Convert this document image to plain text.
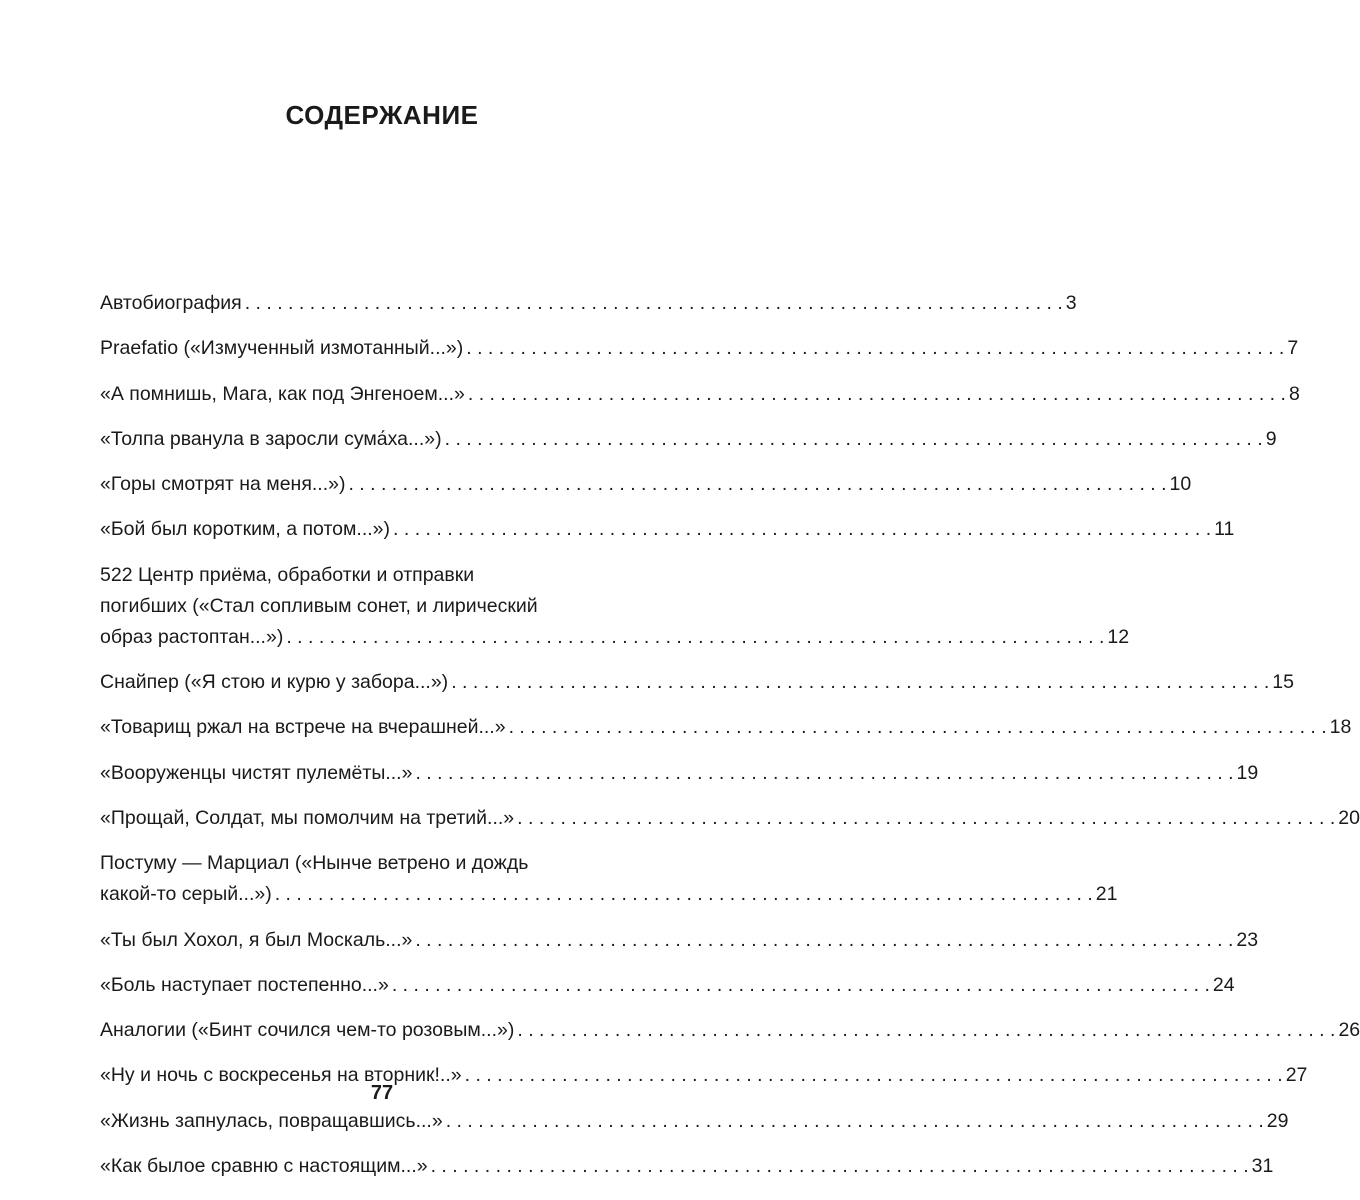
СОДЕРЖАНИЕ
Автобиография . . .	3
Praefatio («Измученный измотанный...») . . .	7
«А помнишь, Мага, как под Энгеноем...» . . .	8
«Толпа рванула в заросли сума́ха...») . . .	9
«Горы смотрят на меня...») . . .	10
«Бой был коротким, а потом...») . . .	11
522 Центр приёма, обработки и отправки
погибших («Стал сопливым сонет, и лирический
образ растоптан...») . . .	12
Снайпер («Я стою и курю у забора...») . . .	15
«Товарищ ржал на встрече на вчерашней...» . . .	18
«Вооруженцы чистят пулемёты...» . . .	19
«Прощай, Солдат, мы помолчим на третий...» . . .	20
Постуму — Марциал («Нынче ветрено и дождь
какой-то серый...») . . .	21
«Ты был Хохол, я был Москаль...» . . .	23
«Боль наступает постепенно...» . . .	24
Аналогии («Бинт сочился чем-то розовым...») . . .	26
«Ну и ночь с воскресенья на вторник!..» . . .	27
«Жизнь запнулась, повращавшись...» . . .	29
«Как былое сравню с настоящим...» . . .	31
77
